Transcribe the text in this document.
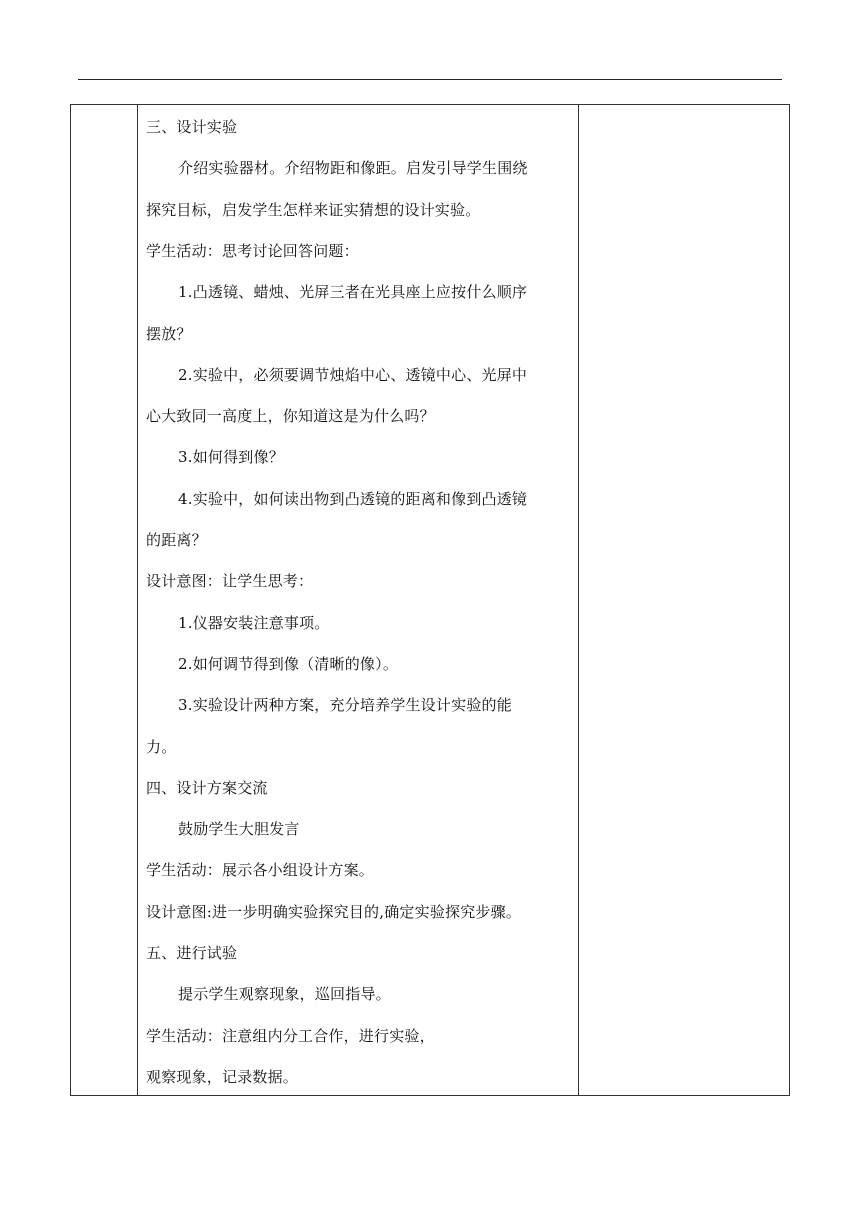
三、设计实验
介绍实验器材。介绍物距和像距。启发引导学生围绕
探究目标，启发学生怎样来证实猜想的设计实验。
学生活动：思考讨论回答问题：
1.凸透镜、蜡烛、光屏三者在光具座上应按什么顺序
摆放？
2.实验中，必须要调节烛焰中心、透镜中心、光屏中
心大致同一高度上，你知道这是为什么吗？
3.如何得到像？
4.实验中，如何读出物到凸透镜的距离和像到凸透镜
的距离？
设计意图：让学生思考：
1.仪器安装注意事项。
2.如何调节得到像（清晰的像）。
3.实验设计两种方案，充分培养学生设计实验的能
力。
四、设计方案交流
鼓励学生大胆发言
学生活动：展示各小组设计方案。
设计意图:进一步明确实验探究目的,确定实验探究步骤。
五、进行试验
提示学生观察现象，巡回指导。
学生活动：注意组内分工合作，进行实验，
观察现象，记录数据。
